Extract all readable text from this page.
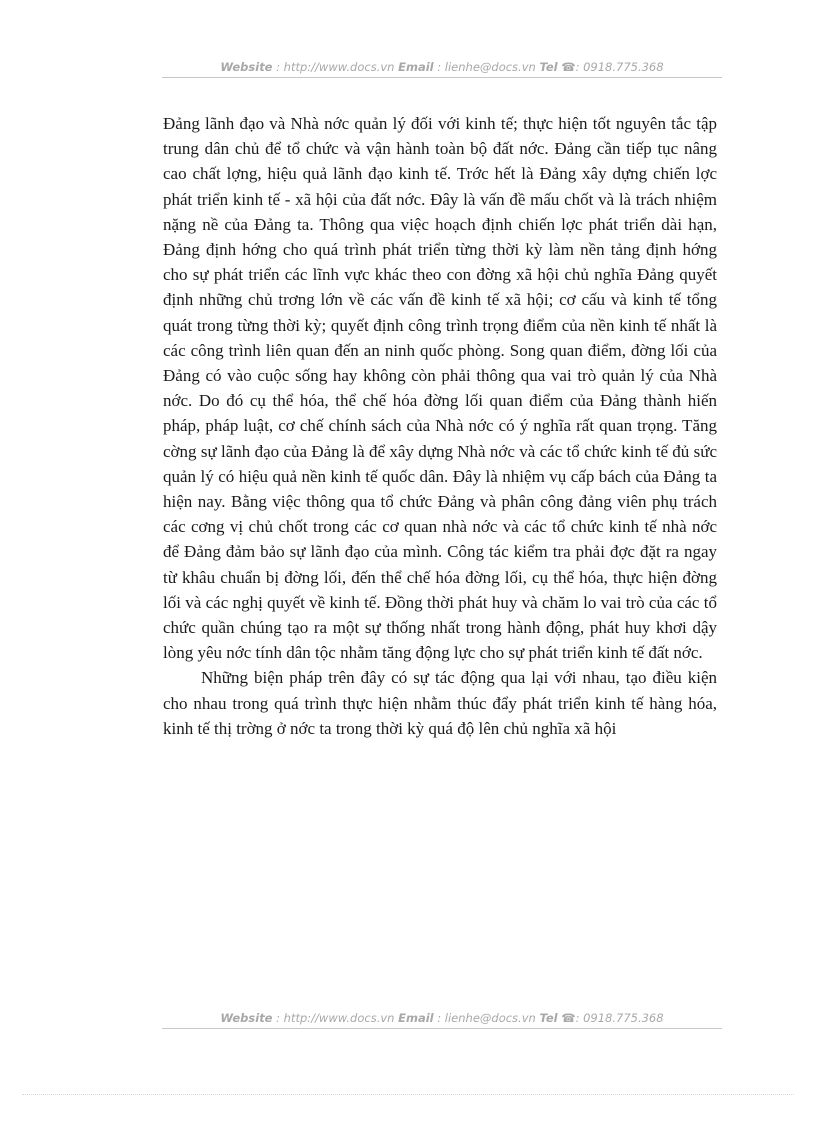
Website : http://www.docs.vn Email : lienhe@docs.vn Tel ☎: 0918.775.368

Đảng lãnh đạo và Nhà nớc quản lý đối với kinh tế; thực hiện tốt nguyên tắc tập trung dân chủ để tổ chức và vận hành toàn bộ đất nớc. Đảng cần tiếp tục nâng cao chất lợng, hiệu quả lãnh đạo kinh tế. Trớc hết là Đảng xây dựng chiến lợc phát triển kinh tế - xã hội của đất nớc. Đây là vấn đề mấu chốt và là trách nhiệm nặng nề của Đảng ta. Thông qua việc hoạch định chiến lợc phát triển dài hạn, Đảng định hớng cho quá trình phát triển từng thời kỳ làm nền tảng định hớng cho sự phát triển các lĩnh vực khác theo con đờng xã hội chủ nghĩa Đảng quyết định những chủ trơng lớn về các vấn đề kinh tế xã hội; cơ cấu và kinh tế tổng quát trong từng thời kỳ; quyết định công trình trọng điểm của nền kinh tế nhất là các công trình liên quan đến an ninh quốc phòng. Song quan điểm, đờng lối của Đảng có vào cuộc sống hay không còn phải thông qua vai trò quản lý của Nhà nớc. Do đó cụ thể hóa, thể chế hóa đờng lối quan điểm của Đảng thành hiến pháp, pháp luật, cơ chế chính sách của Nhà nớc có ý nghĩa rất quan trọng. Tăng cờng sự lãnh đạo của Đảng là để xây dựng Nhà nớc và các tổ chức kinh tế đủ sức quản lý có hiệu quả nền kinh tế quốc dân. Đây là nhiệm vụ cấp bách của Đảng ta hiện nay. Bằng việc thông qua tổ chức Đảng và phân công đảng viên phụ trách các cơng vị chủ chốt trong các cơ quan nhà nớc và các tổ chức kinh tế nhà nớc để Đảng đảm bảo sự lãnh đạo của mình. Công tác kiểm tra phải đợc đặt ra ngay từ khâu chuẩn bị đờng lối, đến thể chế hóa đờng lối, cụ thể hóa, thực hiện đờng lối và các nghị quyết về kinh tế. Đồng thời phát huy và chăm lo vai trò của các tổ chức quần chúng tạo ra một sự thống nhất trong hành động, phát huy khơi dậy lòng yêu nớc tính dân tộc nhằm tăng động lực cho sự phát triển kinh tế đất nớc.

Những biện pháp trên đây có sự tác động qua lại với nhau, tạo điều kiện cho nhau trong quá trình thực hiện nhằm thúc đẩy phát triển kinh tế hàng hóa, kinh tế thị trờng ở nớc ta trong thời kỳ quá độ lên chủ nghĩa xã hội

Website : http://www.docs.vn Email : lienhe@docs.vn Tel ☎: 0918.775.368
